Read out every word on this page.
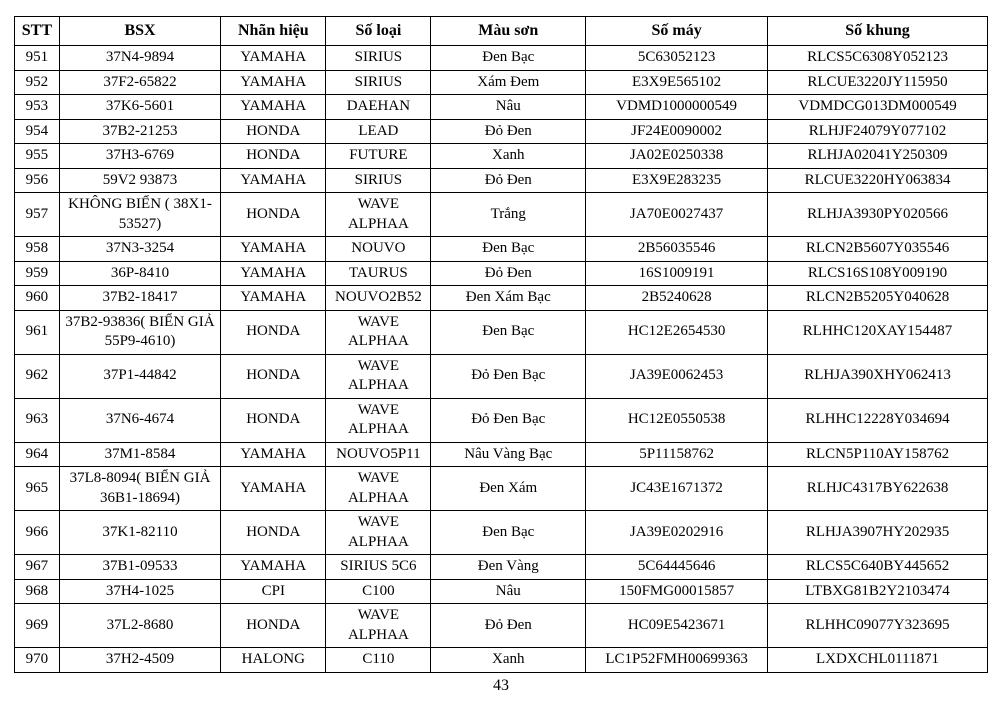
STT	BSX	Nhãn hiệu	Số loại	Màu sơn	Số máy	Số khung
951	37N4-9894	YAMAHA	SIRIUS	Đen Bạc	5C63052123	RLCS5C6308Y052123
952	37F2-65822	YAMAHA	SIRIUS	Xám Đem	E3X9E565102	RLCUE3220JY115950
953	37K6-5601	YAMAHA	DAEHAN	Nâu	VDMD1000000549	VDMDCG013DM000549
954	37B2-21253	HONDA	LEAD	Đỏ Đen	JF24E0090002	RLHJF24079Y077102
955	37H3-6769	HONDA	FUTURE	Xanh	JA02E0250338	RLHJA02041Y250309
956	59V2 93873	YAMAHA	SIRIUS	Đỏ Đen	E3X9E283235	RLCUE3220HY063834
957	KHÔNG BIỂN ( 38X1-53527)	HONDA	WAVE ALPHAA	Trắng	JA70E0027437	RLHJA3930PY020566
958	37N3-3254	YAMAHA	NOUVO	Đen Bạc	2B56035546	RLCN2B5607Y035546
959	36P-8410	YAMAHA	TAURUS	Đỏ Đen	16S1009191	RLCS16S108Y009190
960	37B2-18417	YAMAHA	NOUVO2B52	Đen Xám Bạc	2B5240628	RLCN2B5205Y040628
961	37B2-93836( BIỂN GIẢ 55P9-4610)	HONDA	WAVE ALPHAA	Đen Bạc	HC12E2654530	RLHHC120XAY154487
962	37P1-44842	HONDA	WAVE ALPHAA	Đỏ Đen Bạc	JA39E0062453	RLHJA390XHY062413
963	37N6-4674	HONDA	WAVE ALPHAA	Đỏ Đen Bạc	HC12E0550538	RLHHC12228Y034694
964	37M1-8584	YAMAHA	NOUVO5P11	Nâu Vàng Bạc	5P11158762	RLCN5P110AY158762
965	37L8-8094( BIỂN GIẢ 36B1-18694)	YAMAHA	WAVE ALPHAA	Đen Xám	JC43E1671372	RLHJC4317BY622638
966	37K1-82110	HONDA	WAVE ALPHAA	Đen Bạc	JA39E0202916	RLHJA3907HY202935
967	37B1-09533	YAMAHA	SIRIUS 5C6	Đen Vàng	5C64445646	RLCS5C640BY445652
968	37H4-1025	CPI	C100	Nâu	150FMG00015857	LTBXG81B2Y2103474
969	37L2-8680	HONDA	WAVE ALPHAA	Đỏ Đen	HC09E5423671	RLHHC09077Y323695
970	37H2-4509	HALONG	C110	Xanh	LC1P52FMH00699363	LXDXCHL0111871
43
